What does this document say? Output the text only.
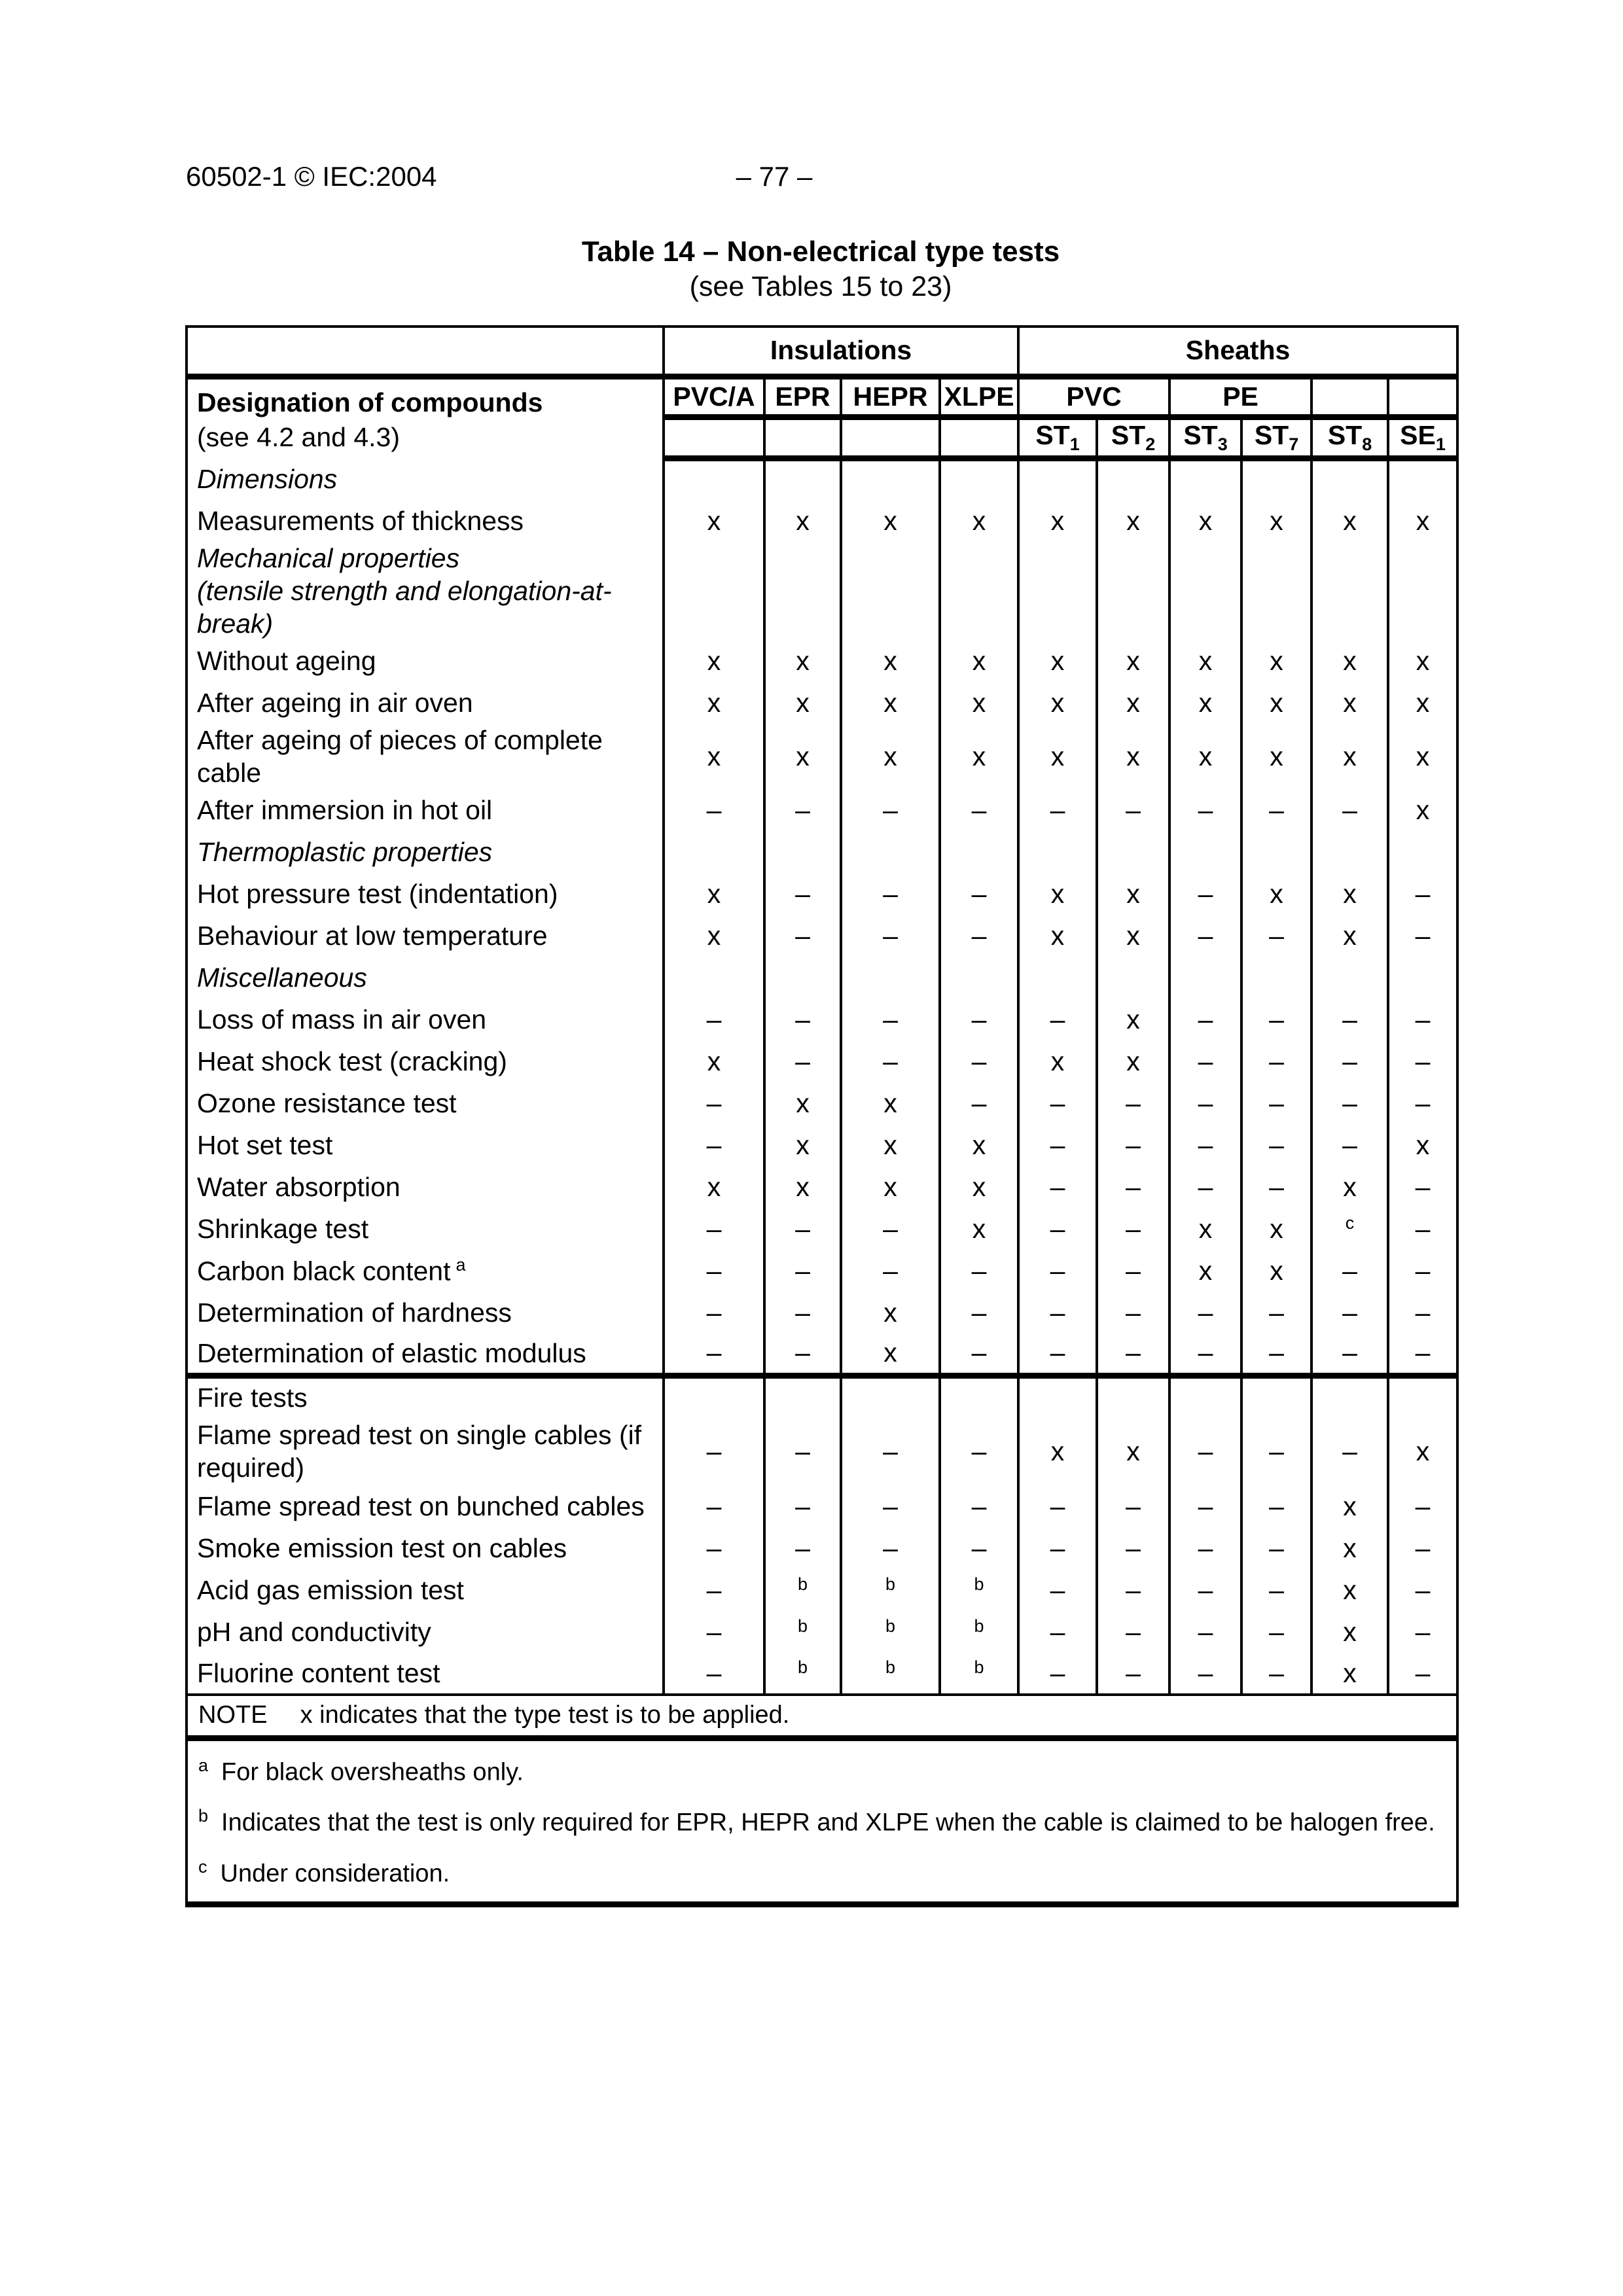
60502-1 © IEC:2004	– 77 –
Table 14 – Non-electrical type tests
(see Tables 15 to 23)
	Insulations				Sheaths					

Designation of compounds
(see 4.2 and 4.3)	PVC/A	EPR	HEPR	XLPE	PVC		PE			
					$ST_1$	$ST_2$	$ST_3$	$ST_7$	$ST_8$	$SE_1$
Dimensions										
Measurements of thickness	x	x	x	x	x	x	x	x	x	x
Mechanical properties
(tensile strength and elongation-at-break)										

Without ageing	x	x	x	x	x	x	x	x	x	x
After ageing in air oven	x	x	x	x	x	x	x	x	x	x
After ageing of pieces of complete cable	x	x	x	x	x	x	x	x	x	x
After immersion in hot oil	–	–	–	–	–	–	–	–	–	x
Thermoplastic properties										
Hot pressure test (indentation)	x	–	–	–	x	x	–	x	x	–
Behaviour at low temperature	x	–	–	–	x	x	–	–	x	–
Miscellaneous										
Loss of mass in air oven	–	–	–	–	–	x	–	–	–	–
Heat shock test (cracking)	x	–	–	–	x	x	–	–	–	–
Ozone resistance test	–	x	x	–	–	–	–	–	–	–
Hot set test	–	x	x	x	–	–	–	–	–	x
Water absorption	x	x	x	x	–	–	–	–	x	–
Shrinkage test	–	–	–	x	–	–	x	x	$^c$	–
Carbon black content $^a$	–	–	–	–	–	–	x	x	–	–
Determination of hardness	–	–	x	–	–	–	–	–	–	–
Determination of elastic modulus	–	–	x	–	–	–	–	–	–	–
Fire tests										
Flame spread test on single cables (if required)	–	–	–	–	x	x	–	–	–	x
Flame spread test on bunched cables	–	–	–	–	–	–	–	–	x	–
Smoke emission test on cables	–	–	–	–	–	–	–	–	x	–
Acid gas emission test	–	$^b$	$^b$	$^b$	–	–	–	–	x	–
pH and conductivity	–	$^b$	$^b$	$^b$	–	–	–	–	x	–
Fluorine content test	–	$^b$	$^b$	$^b$	–	–	–	–	x	–
NOTE x indicates that the type test is to be applied.										

$^a$ For black oversheaths only.
$^b$ Indicates that the test is only required for EPR, HEPR and XLPE when the cable is claimed to be halogen free.
$^c$ Under consideration.										
